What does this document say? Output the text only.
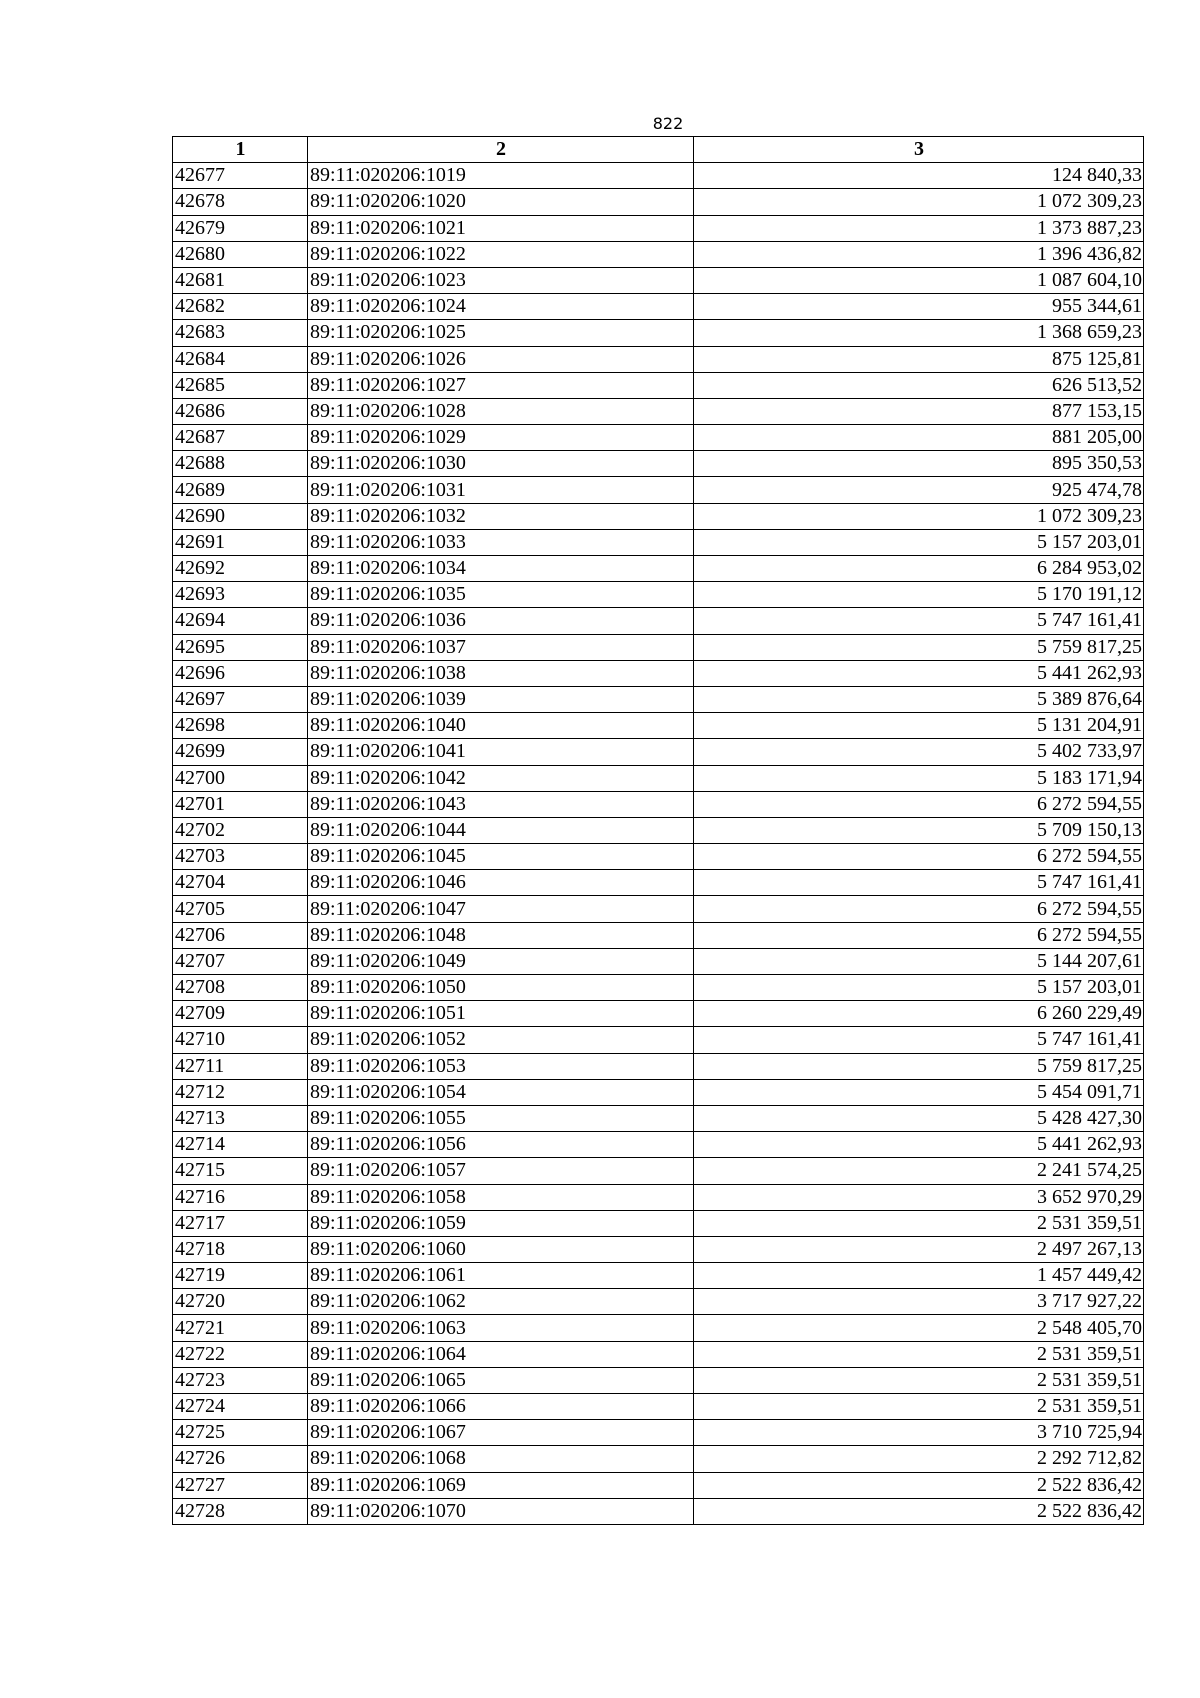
822
1	2	3
42677	89:11:020206:1019	124 840,33
42678	89:11:020206:1020	1 072 309,23
42679	89:11:020206:1021	1 373 887,23
42680	89:11:020206:1022	1 396 436,82
42681	89:11:020206:1023	1 087 604,10
42682	89:11:020206:1024	955 344,61
42683	89:11:020206:1025	1 368 659,23
42684	89:11:020206:1026	875 125,81
42685	89:11:020206:1027	626 513,52
42686	89:11:020206:1028	877 153,15
42687	89:11:020206:1029	881 205,00
42688	89:11:020206:1030	895 350,53
42689	89:11:020206:1031	925 474,78
42690	89:11:020206:1032	1 072 309,23
42691	89:11:020206:1033	5 157 203,01
42692	89:11:020206:1034	6 284 953,02
42693	89:11:020206:1035	5 170 191,12
42694	89:11:020206:1036	5 747 161,41
42695	89:11:020206:1037	5 759 817,25
42696	89:11:020206:1038	5 441 262,93
42697	89:11:020206:1039	5 389 876,64
42698	89:11:020206:1040	5 131 204,91
42699	89:11:020206:1041	5 402 733,97
42700	89:11:020206:1042	5 183 171,94
42701	89:11:020206:1043	6 272 594,55
42702	89:11:020206:1044	5 709 150,13
42703	89:11:020206:1045	6 272 594,55
42704	89:11:020206:1046	5 747 161,41
42705	89:11:020206:1047	6 272 594,55
42706	89:11:020206:1048	6 272 594,55
42707	89:11:020206:1049	5 144 207,61
42708	89:11:020206:1050	5 157 203,01
42709	89:11:020206:1051	6 260 229,49
42710	89:11:020206:1052	5 747 161,41
42711	89:11:020206:1053	5 759 817,25
42712	89:11:020206:1054	5 454 091,71
42713	89:11:020206:1055	5 428 427,30
42714	89:11:020206:1056	5 441 262,93
42715	89:11:020206:1057	2 241 574,25
42716	89:11:020206:1058	3 652 970,29
42717	89:11:020206:1059	2 531 359,51
42718	89:11:020206:1060	2 497 267,13
42719	89:11:020206:1061	1 457 449,42
42720	89:11:020206:1062	3 717 927,22
42721	89:11:020206:1063	2 548 405,70
42722	89:11:020206:1064	2 531 359,51
42723	89:11:020206:1065	2 531 359,51
42724	89:11:020206:1066	2 531 359,51
42725	89:11:020206:1067	3 710 725,94
42726	89:11:020206:1068	2 292 712,82
42727	89:11:020206:1069	2 522 836,42
42728	89:11:020206:1070	2 522 836,42
